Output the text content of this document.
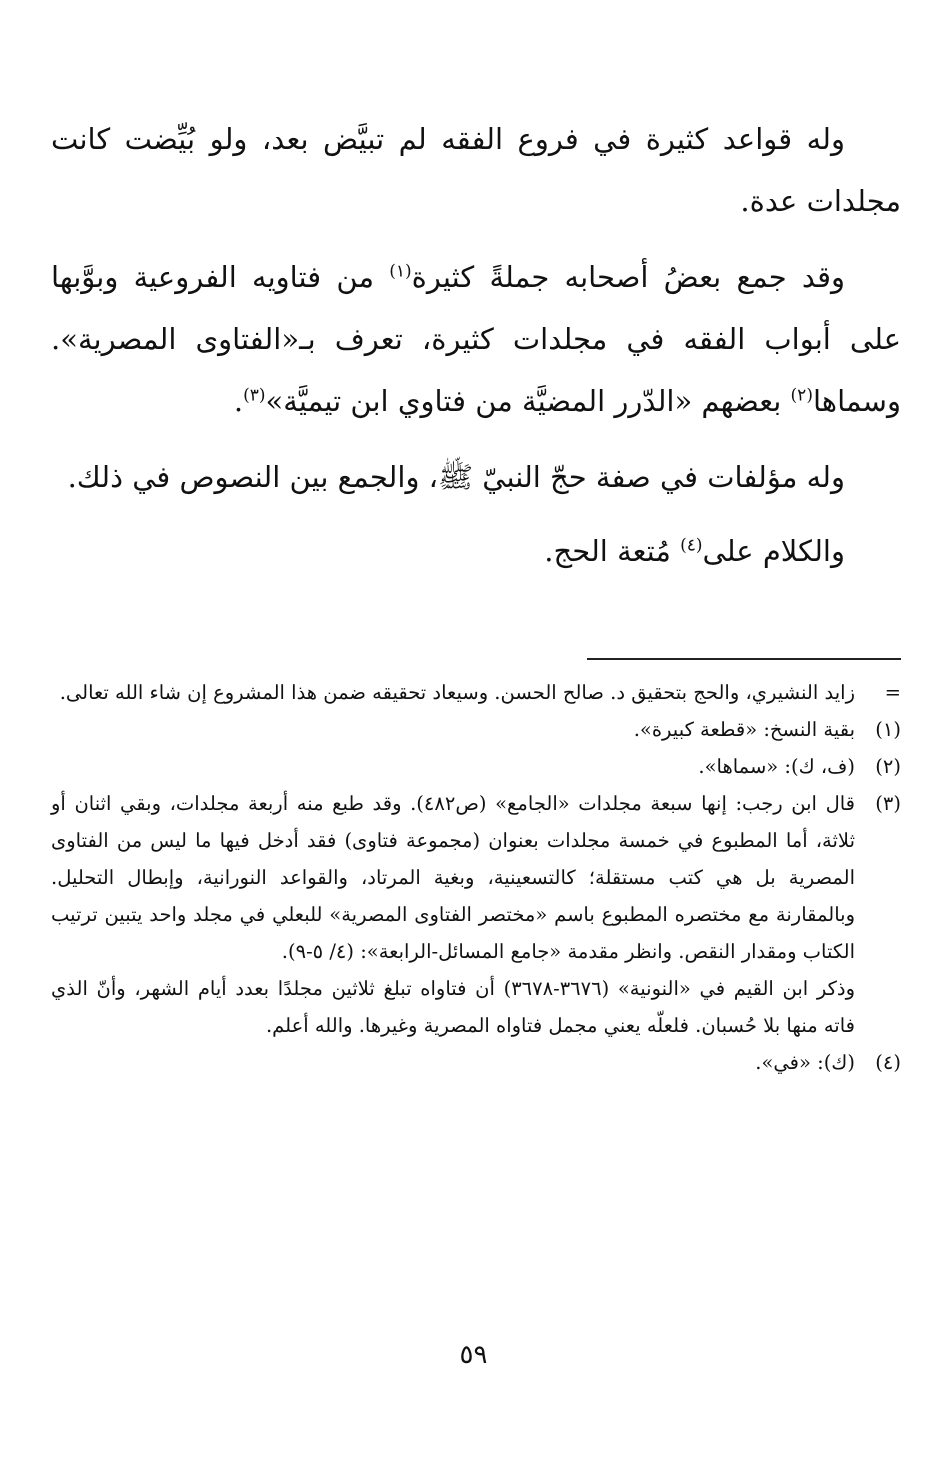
وله قواعد كثيرة في فروع الفقه لم تبيَّض بعد، ولو بُيِّضت كانت مجلدات عدة.

وقد جمع بعضُ أصحابه جملةً كثيرة$^{(١)}$ من فتاويه الفروعية وبوَّبها على أبواب الفقه في مجلدات كثيرة، تعرف بـ«الفتاوى المصرية». وسماها$^{(٢)}$ بعضهم «الدّرر المضيَّة من فتاوي ابن تيميَّة»$^{(٣)}$.

وله مؤلفات في صفة حجّ النبيّ ﷺ، والجمع بين النصوص في ذلك.

والكلام على$^{(٤)}$ مُتعة الحج.

=
زايد النشيري، والحج بتحقيق د. صالح الحسن. وسيعاد تحقيقه ضمن هذا المشروع إن شاء الله تعالى.
(١)
بقية النسخ: «قطعة كبيرة».
(٢)
(ف، ك): «سماها».
(٣)
قال ابن رجب: إنها سبعة مجلدات «الجامع» (ص٤٨٢). وقد طبع منه أربعة مجلدات، وبقي اثنان أو ثلاثة، أما المطبوع في خمسة مجلدات بعنوان (مجموعة فتاوى) فقد أدخل فيها ما ليس من الفتاوى المصرية بل هي كتب مستقلة؛ كالتسعينية، وبغية المرتاد، والقواعد النورانية، وإبطال التحليل. وبالمقارنة مع مختصره المطبوع باسم «مختصر الفتاوى المصرية» للبعلي في مجلد واحد يتبين ترتيب الكتاب ومقدار النقص. وانظر مقدمة «جامع المسائل-الرابعة»: (٤/ ٥-٩).
وذكر ابن القيم في «النونية» (٣٦٧٦-٣٦٧٨) أن فتاواه تبلغ ثلاثين مجلدًا بعدد أيام الشهر، وأنّ الذي فاته منها بلا حُسبان. فلعلّه يعني مجمل فتاواه المصرية وغيرها. والله أعلم.
(٤)
(ك): «في».
٥٩
